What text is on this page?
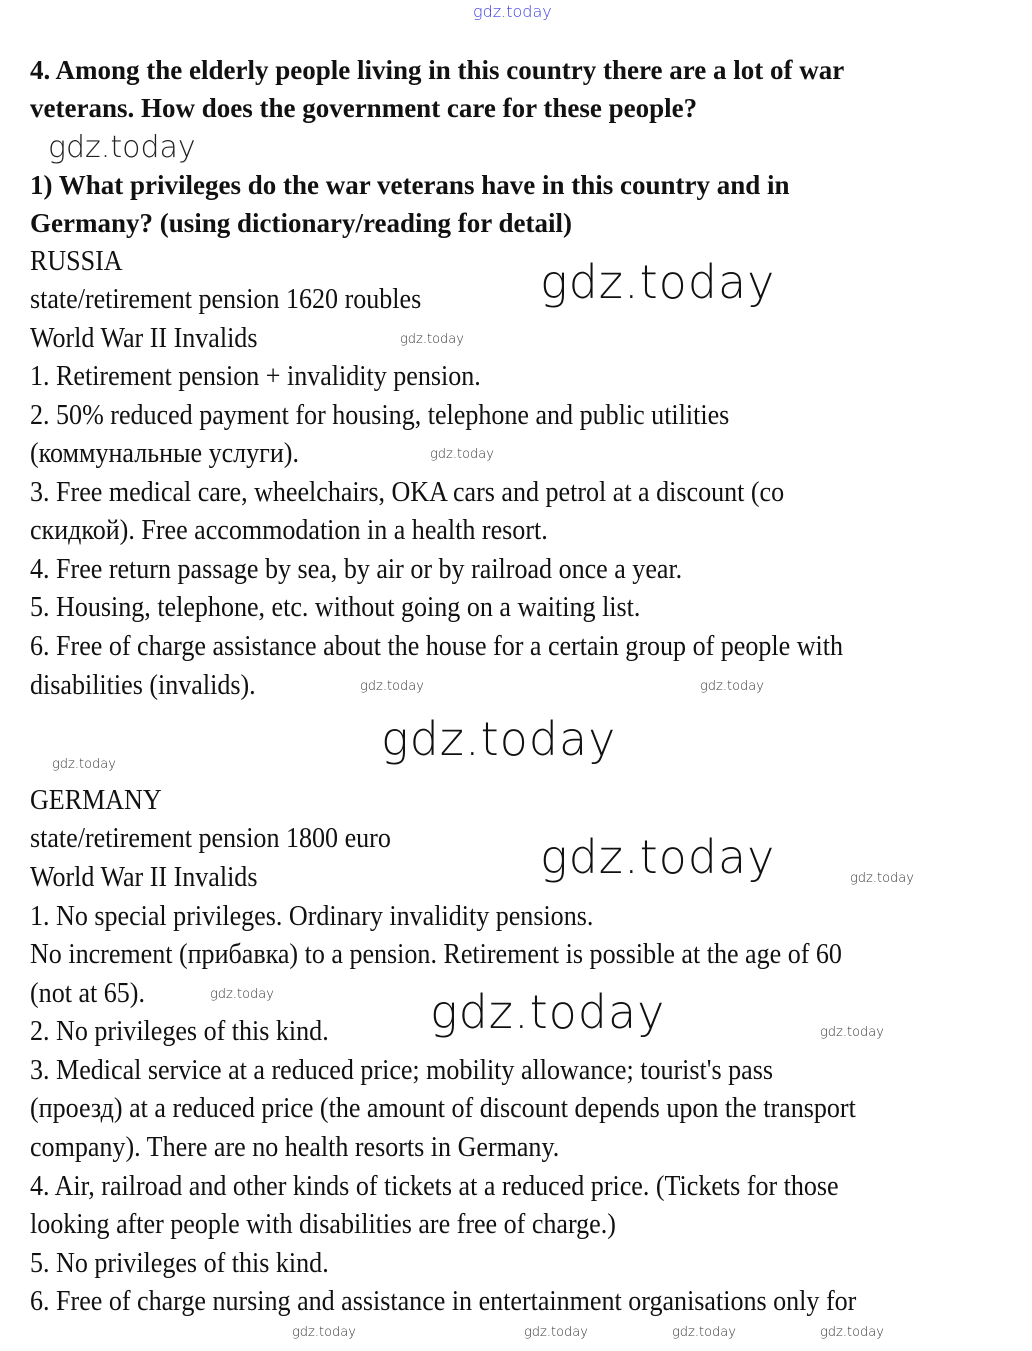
gdz.today
4. Among the elderly people living in this country there are a lot of war
veterans. How does the government care for these people?
gdz.today
1) What privileges do the war veterans have in this country and in
Germany? (using dictionary/reading for detail)
RUSSIA
state/retirement pension 1620 roubles
World War II Invalids
1. Retirement pension + invalidity pension.
2. 50% reduced payment for housing, telephone and public utilities
(коммунальные услуги).
3. Free medical care, wheelchairs, OKA cars and petrol at a discount (co
скидкой). Free accommodation in a health resort.
4. Free return passage by sea, by air or by railroad once a year.
5. Housing, telephone, etc. without going on a waiting list.
6. Free of charge assistance about the house for a certain group of people with
disabilities (invalids).
gdz.today
gdz.today
gdz.today
gdz.today	gdz.today
gdz.today
gdz.today
GERMANY
state/retirement pension 1800 euro
World War II Invalids
1. No special privileges. Ordinary invalidity pensions.
No increment (прибавка) to a pension. Retirement is possible at the age of 60
(not at 65).
2. No privileges of this kind.
3. Medical service at a reduced price; mobility allowance; tourist's pass
(проезд) at a reduced price (the amount of discount depends upon the transport
company). There are no health resorts in Germany.
4. Air, railroad and other kinds of tickets at a reduced price. (Tickets for those
looking after people with disabilities are free of charge.)
5. No privileges of this kind.
6. Free of charge nursing and assistance in entertainment organisations only for
gdz.today	gdz.today
gdz.today	gdz.today	gdz.today
gdz.today	gdz.today	gdz.today	gdz.today
